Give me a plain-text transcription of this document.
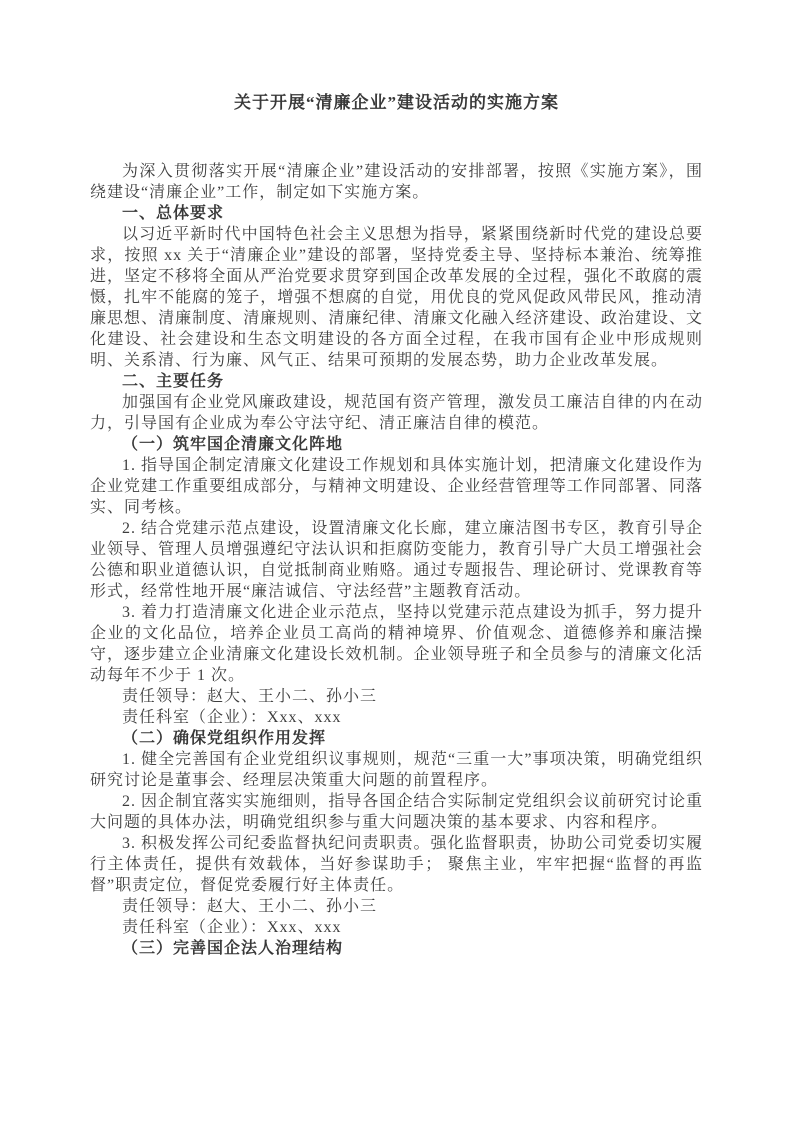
关于开展“清廉企业”建设活动的实施方案

为深入贯彻落实开展“清廉企业”建设活动的安排部署，按照《实施方案》，围绕建设“清廉企业”工作，制定如下实施方案。

一、总体要求

以习近平新时代中国特色社会主义思想为指导，紧紧围绕新时代党的建设总要求，按照 xx 关于“清廉企业”建设的部署，坚持党委主导、坚持标本兼治、统筹推进，坚定不移将全面从严治党要求贯穿到国企改革发展的全过程，强化不敢腐的震慑，扎牢不能腐的笼子，增强不想腐的自觉，用优良的党风促政风带民风，推动清廉思想、清廉制度、清廉规则、清廉纪律、清廉文化融入经济建设、政治建设、文化建设、社会建设和生态文明建设的各方面全过程，在我市国有企业中形成规则明、关系清、行为廉、风气正、结果可预期的发展态势，助力企业改革发展。

二、主要任务

加强国有企业党风廉政建设，规范国有资产管理，激发员工廉洁自律的内在动力，引导国有企业成为奉公守法守纪、清正廉洁自律的模范。

（一）筑牢国企清廉文化阵地

1. 指导国企制定清廉文化建设工作规划和具体实施计划，把清廉文化建设作为企业党建工作重要组成部分，与精神文明建设、企业经营管理等工作同部署、同落实、同考核。

2. 结合党建示范点建设，设置清廉文化长廊，建立廉洁图书专区，教育引导企业领导、管理人员增强遵纪守法认识和拒腐防变能力，教育引导广大员工增强社会公德和职业道德认识，自觉抵制商业贿赂。通过专题报告、理论研讨、党课教育等形式，经常性地开展“廉洁诚信、守法经营”主题教育活动。

3. 着力打造清廉文化进企业示范点，坚持以党建示范点建设为抓手，努力提升企业的文化品位，培养企业员工高尚的精神境界、价值观念、道德修养和廉洁操守，逐步建立企业清廉文化建设长效机制。企业领导班子和全员参与的清廉文化活动每年不少于 1 次。

责任领导：赵大、王小二、孙小三

责任科室（企业）：Xxx、xxx

（二）确保党组织作用发挥

1. 健全完善国有企业党组织议事规则，规范“三重一大”事项决策，明确党组织研究讨论是董事会、经理层决策重大问题的前置程序。

2. 因企制宜落实实施细则，指导各国企结合实际制定党组织会议前研究讨论重大问题的具体办法，明确党组织参与重大问题决策的基本要求、内容和程序。

3. 积极发挥公司纪委监督执纪问责职责。强化监督职责，协助公司党委切实履行主体责任，提供有效载体，当好参谋助手； 聚焦主业，牢牢把握“监督的再监督”职责定位，督促党委履行好主体责任。

责任领导：赵大、王小二、孙小三

责任科室（企业）：Xxx、xxx

（三）完善国企法人治理结构
